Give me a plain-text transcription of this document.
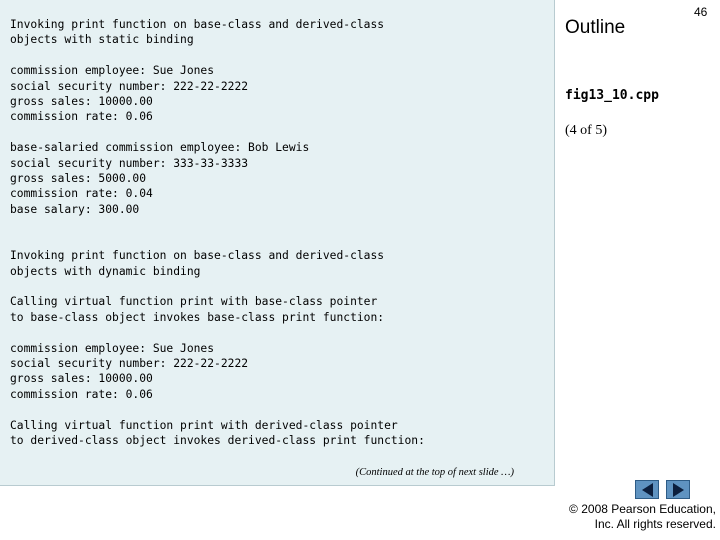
Invoking print function on base-class and derived-class
objects with static binding

commission employee: Sue Jones
social security number: 222-22-2222
gross sales: 10000.00
commission rate: 0.06

base-salaried commission employee: Bob Lewis
social security number: 333-33-3333
gross sales: 5000.00
commission rate: 0.04
base salary: 300.00

Invoking print function on base-class and derived-class
objects with dynamic binding

Calling virtual function print with base-class pointer
to base-class object invokes base-class print function:

commission employee: Sue Jones
social security number: 222-22-2222
gross sales: 10000.00
commission rate: 0.06

Calling virtual function print with derived-class pointer
to derived-class object invokes derived-class print function:
(Continued at the top of next slide …)
Outline
46
fig13_10.cpp
(4 of 5)
© 2008 Pearson Education,
Inc. All rights reserved.
